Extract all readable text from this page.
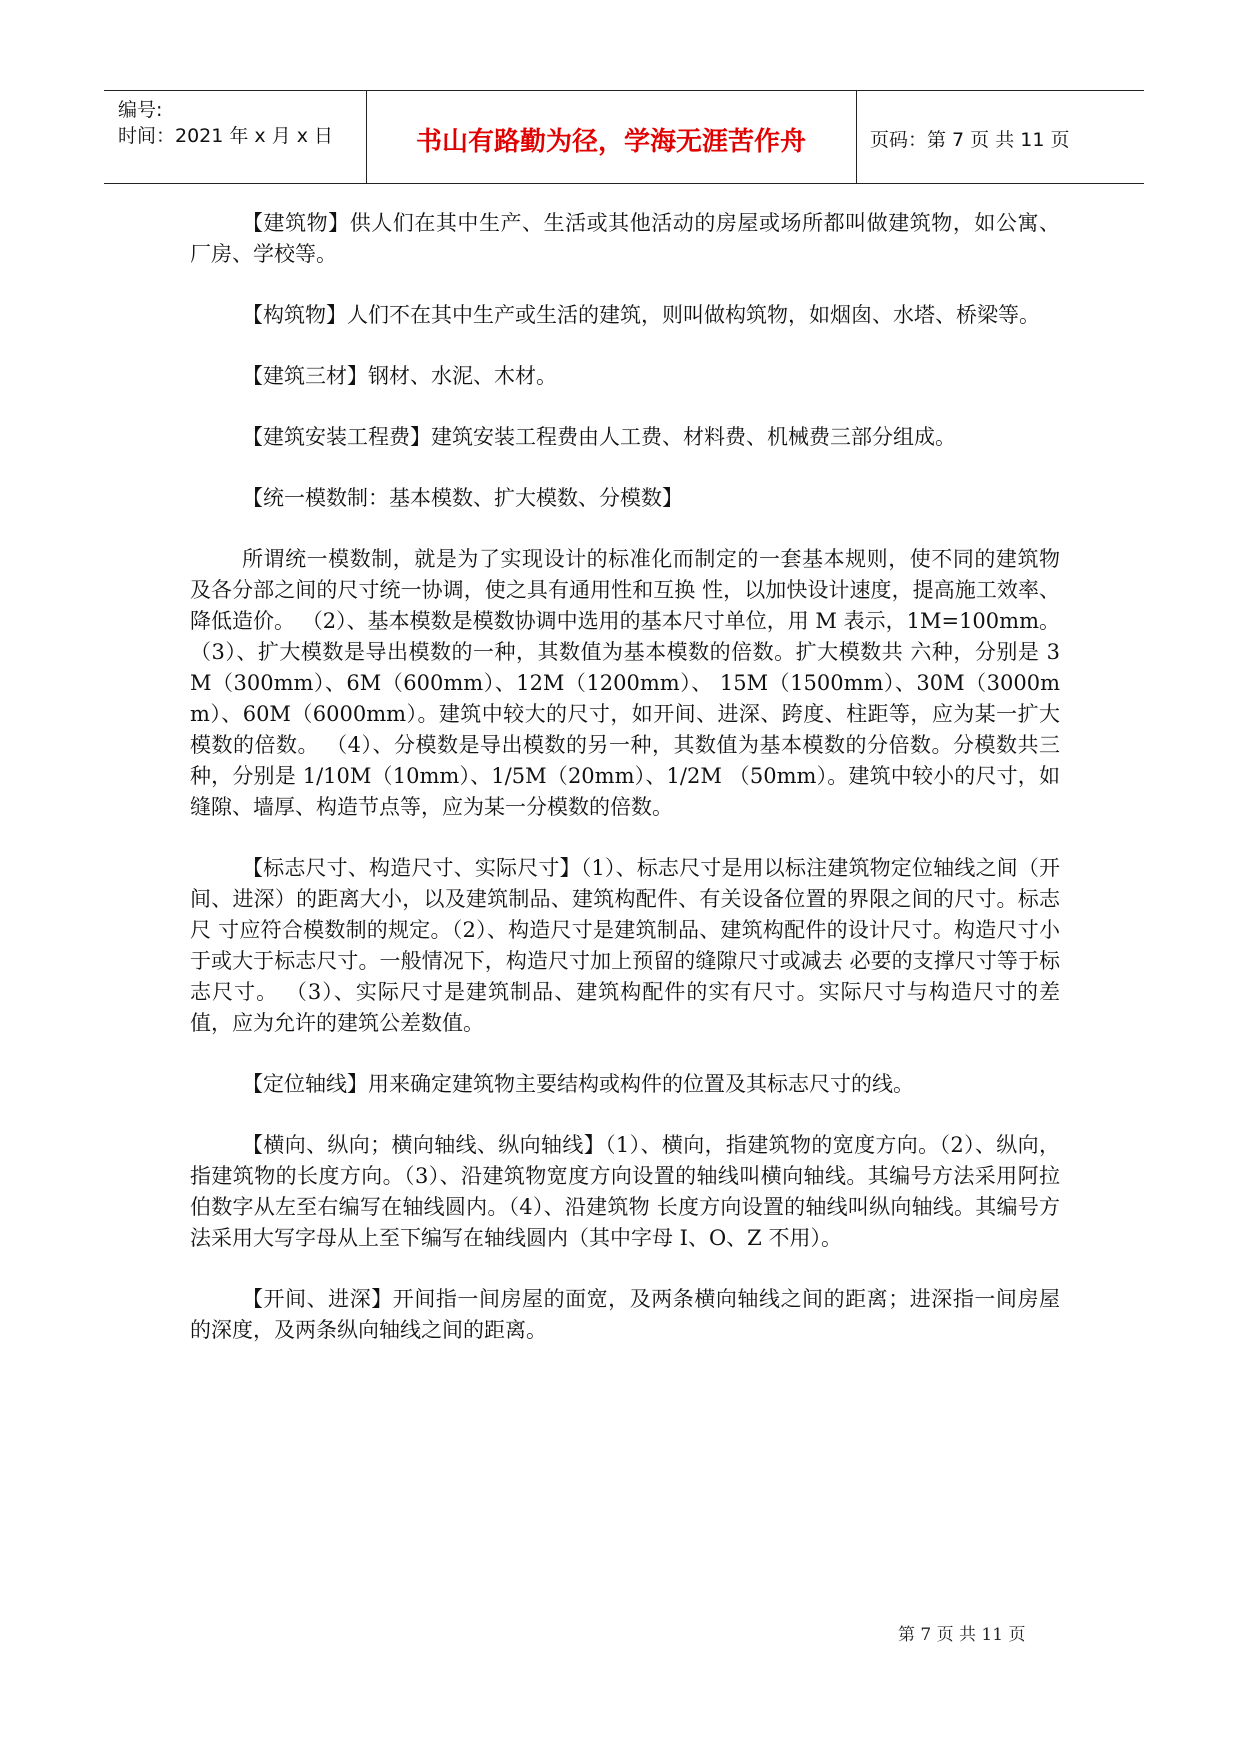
编号:
时间：2021 年 x 月 x 日	书山有路勤为径，学海无涯苦作舟	页码：第 7 页 共 11 页

【建筑物】供人们在其中生产、生活或其他活动的房屋或场所都叫做建筑物，如公寓、厂房、学校等。

【构筑物】人们不在其中生产或生活的建筑，则叫做构筑物，如烟囱、水塔、桥梁等。

【建筑三材】钢材、水泥、木材。

【建筑安装工程费】建筑安装工程费由人工费、材料费、机械费三部分组成。

【统一模数制：基本模数、扩大模数、分模数】

所谓统一模数制，就是为了实现设计的标准化而制定的一套基本规则，使不同的建筑物及各分部之间的尺寸统一协调，使之具有通用性和互换 性，以加快设计速度，提高施工效率、降低造价。 （2）、基本模数是模数协调中选用的基本尺寸单位，用 M 表示，1M=100mm。（3）、扩大模数是导出模数的一种，其数值为基本模数的倍数。扩大模数共 六种，分别是 3M（300mm）、6M（600mm）、12M（1200mm）、 15M（1500mm）、30M（3000mm）、60M（6000mm）。建筑中较大的尺寸，如开间、进深、跨度、柱距等，应为某一扩大模数的倍数。 （4）、分模数是导出模数的另一种，其数值为基本模数的分倍数。分模数共三种，分别是 1/10M（10mm）、1/5M（20mm）、1/2M （50mm）。建筑中较小的尺寸，如缝隙、墙厚、构造节点等，应为某一分模数的倍数。

【标志尺寸、构造尺寸、实际尺寸】（1）、标志尺寸是用以标注建筑物定位轴线之间（开间、进深）的距离大小，以及建筑制品、建筑构配件、有关设备位置的界限之间的尺寸。标志尺 寸应符合模数制的规定。（2）、构造尺寸是建筑制品、建筑构配件的设计尺寸。构造尺寸小于或大于标志尺寸。一般情况下，构造尺寸加上预留的缝隙尺寸或减去 必要的支撑尺寸等于标志尺寸。 （3）、实际尺寸是建筑制品、建筑构配件的实有尺寸。实际尺寸与构造尺寸的差值，应为允许的建筑公差数值。

【定位轴线】用来确定建筑物主要结构或构件的位置及其标志尺寸的线。

【横向、纵向；横向轴线、纵向轴线】（1）、横向，指建筑物的宽度方向。（2）、纵向，指建筑物的长度方向。（3）、沿建筑物宽度方向设置的轴线叫横向轴线。其编号方法采用阿拉伯数字从左至右编写在轴线圆内。（4）、沿建筑物 长度方向设置的轴线叫纵向轴线。其编号方法采用大写字母从上至下编写在轴线圆内（其中字母 I、O、Z 不用）。

【开间、进深】开间指一间房屋的面宽，及两条横向轴线之间的距离；进深指一间房屋的深度，及两条纵向轴线之间的距离。

第 7 页 共 11 页
